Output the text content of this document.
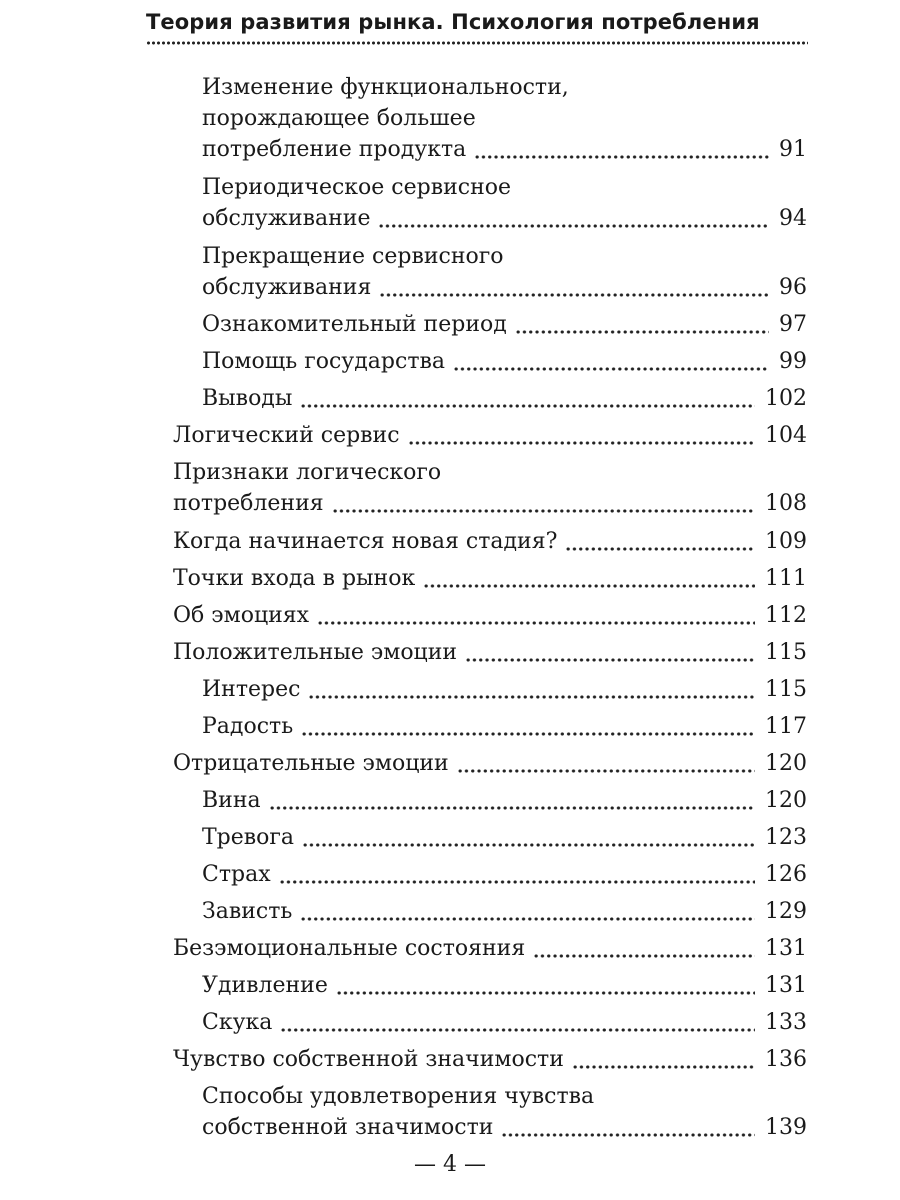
Теория развития рынка. Психология потребления
Изменение функциональности,
порождающее большее
потребление продукта	91
Периодическое сервисное
обслуживание	94
Прекращение сервисного
обслуживания	96
Ознакомительный период	97
Помощь государства	99
Выводы	102
Логический сервис	104
Признаки логического
потребления	108
Когда начинается новая стадия?	109
Точки входа в рынок	111
Об эмоциях	112
Положительные эмоции	115
Интерес	115
Радость	117
Отрицательные эмоции	120
Вина	120
Тревога	123
Страх	126
Зависть	129
Безэмоциональные состояния	131
Удивление	131
Скука	133
Чувство собственной значимости	136
Способы удовлетворения чувства
собственной значимости	139
— 4 —
